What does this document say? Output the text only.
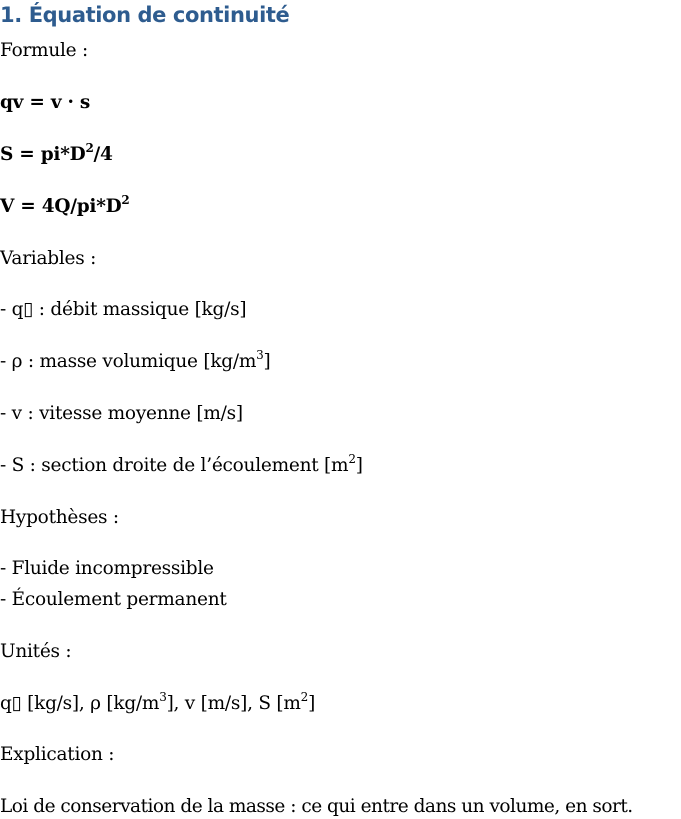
1. Équation de continuité

Formule :

qv = v · s

$S = pi*D^2/4$

$V = 4Q/pi*D^2$

Variables :

- q▯ : débit massique [kg/s]

- ρ : masse volumique $[kg/m^3]$

- v : vitesse moyenne [m/s]

- S : section droite de l’écoulement $[m^2]$

Hypothèses :

- Fluide incompressible

- Écoulement permanent

Unités :

q▯ [kg/s], ρ $[kg/m^3]$, v [m/s], S $[m^2]$

Explication :

Loi de conservation de la masse : ce qui entre dans un volume, en sort.
